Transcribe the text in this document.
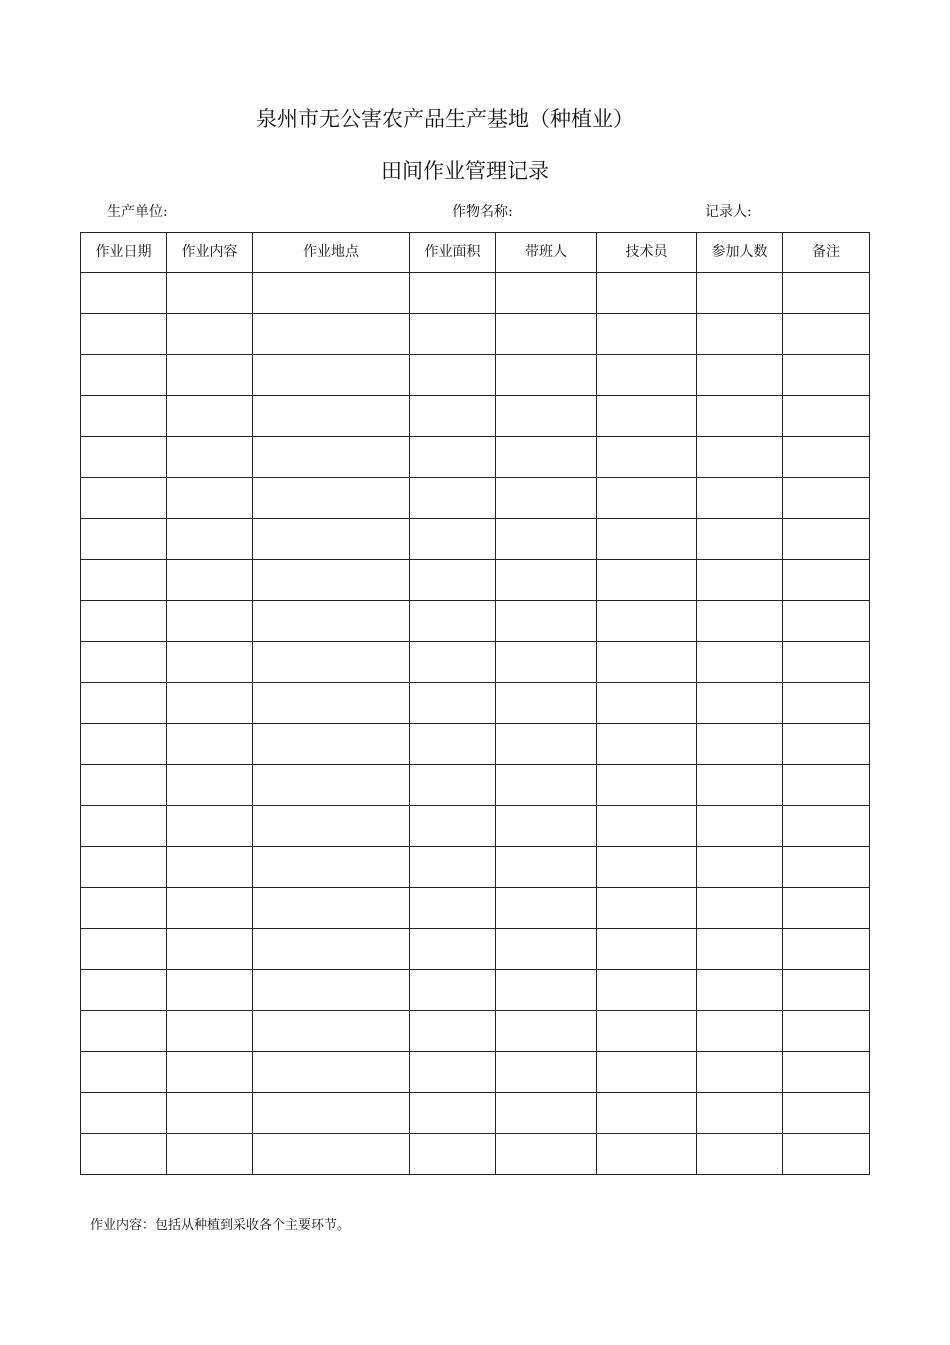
泉州市无公害农产品生产基地（种植业）
田间作业管理记录
生产单位:	作物名称:	记录人:
作业日期	作业内容	作业地点	作业面积	带班人	技术员	参加人数	备注

作业内容：包括从种植到采收各个主要环节。
